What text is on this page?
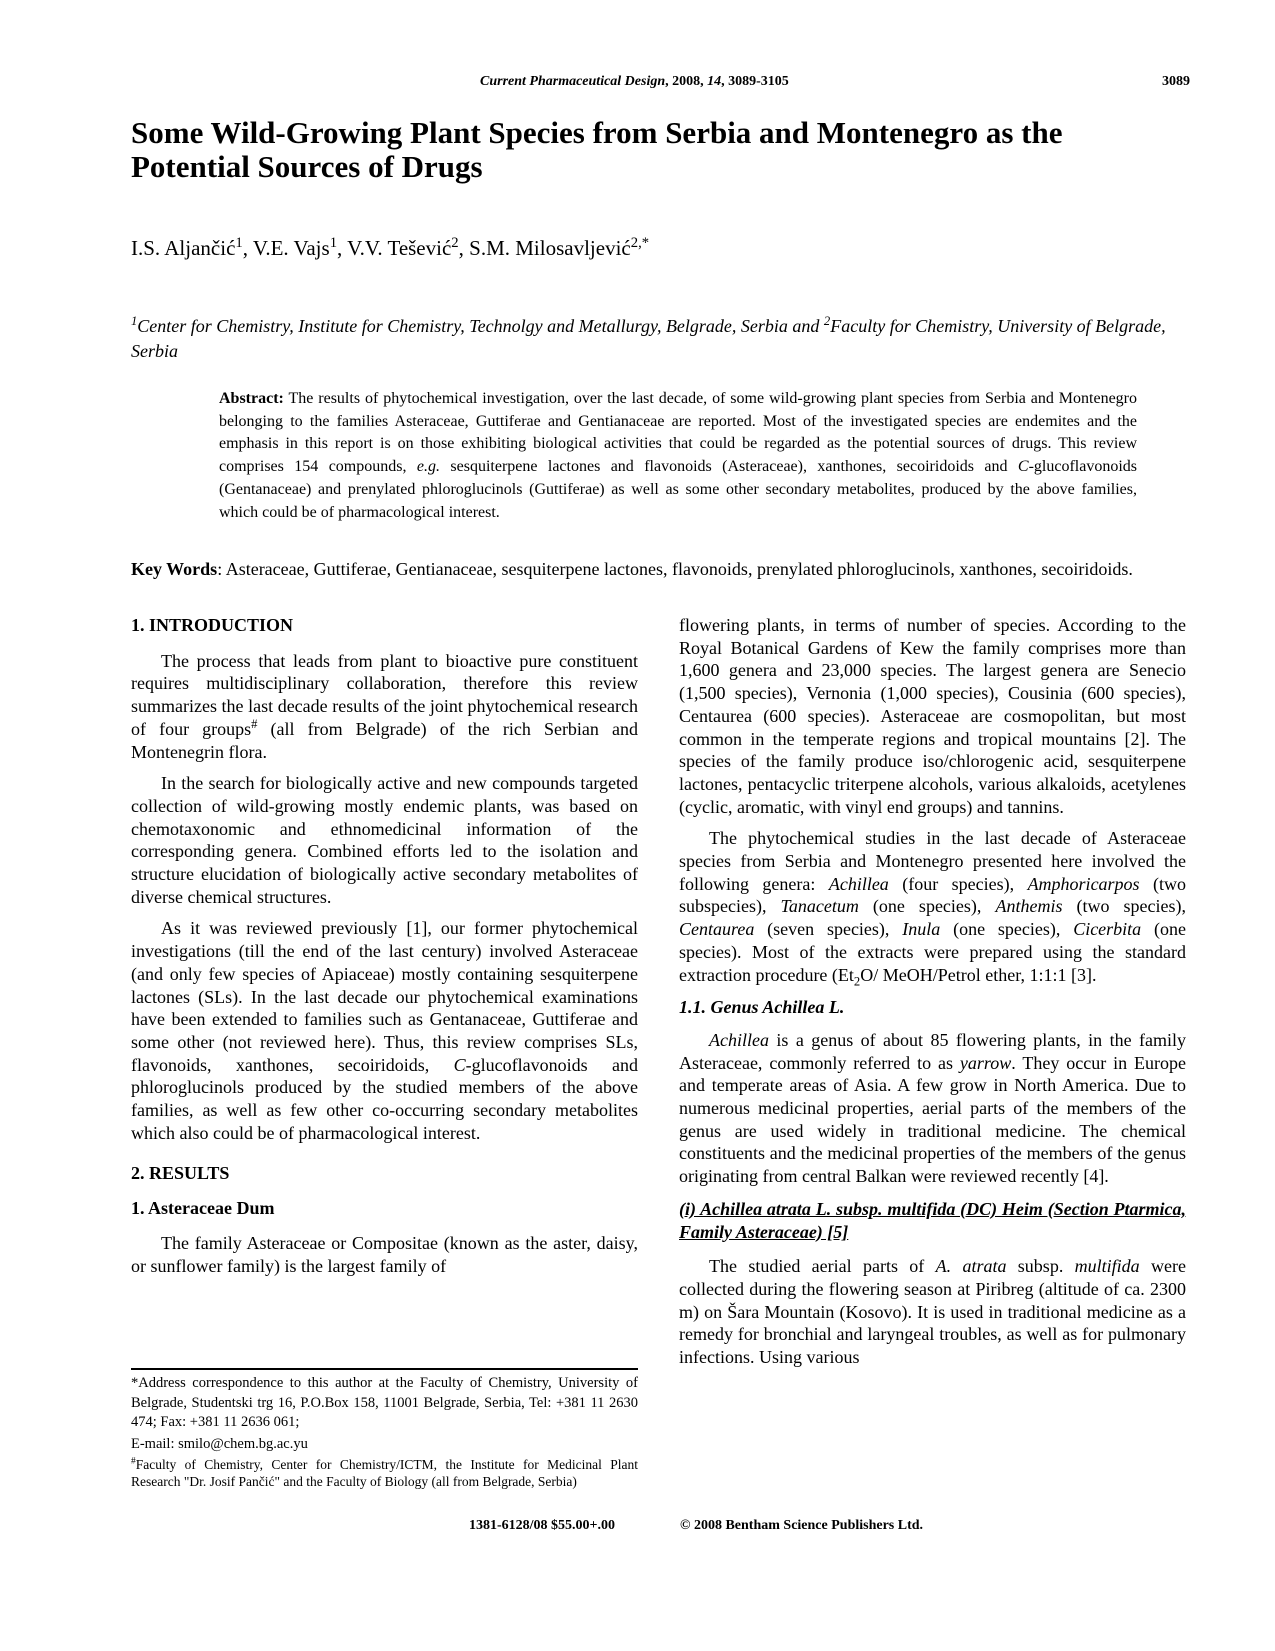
Current Pharmaceutical Design, 2008, 14, 3089-3105	3089
Some Wild-Growing Plant Species from Serbia and Montenegro as the
Potential Sources of Drugs
I.S. Aljančić$^1$, V.E. Vajs$^1$, V.V. Tešević$^2$, S.M. Milosavljević$^{2,*}$
$^1$Center for Chemistry, Institute for Chemistry, Technolgy and Metallurgy, Belgrade, Serbia and $^2$Faculty for Chemistry, University of Belgrade, Serbia
Abstract: The results of phytochemical investigation, over the last decade, of some wild-growing plant species from Serbia and Montenegro belonging to the families Asteraceae, Guttiferae and Gentianaceae are reported. Most of the investigated species are endemites and the emphasis in this report is on those exhibiting biological activities that could be regarded as the potential sources of drugs. This review comprises 154 compounds, e.g. sesquiterpene lactones and flavonoids (Asteraceae), xanthones, secoiridoids and C-glucoflavonoids (Gentanaceae) and prenylated phloroglucinols (Guttiferae) as well as some other secondary metabolites, produced by the above families, which could be of pharmacological interest.
Key Words: Asteraceae, Guttiferae, Gentianaceae, sesquiterpene lactones, flavonoids, prenylated phloroglucinols, xanthones, secoiridoids.

1. INTRODUCTION

The process that leads from plant to bioactive pure constituent requires multidisciplinary collaboration, therefore this review summarizes the last decade results of the joint phytochemical research of four groups# (all from Belgrade) of the rich Serbian and Montenegrin flora.

In the search for biologically active and new compounds targeted collection of wild-growing mostly endemic plants, was based on chemotaxonomic and ethnomedicinal information of the corresponding genera. Combined efforts led to the isolation and structure elucidation of biologically active secondary metabolites of diverse chemical structures.

As it was reviewed previously [1], our former phytochemical investigations (till the end of the last century) involved Asteraceae (and only few species of Apiaceae) mostly containing sesquiterpene lactones (SLs). In the last decade our phytochemical examinations have been extended to families such as Gentanaceae, Guttiferae and some other (not reviewed here). Thus, this review comprises SLs, flavonoids, xanthones, secoiridoids, C-glucoflavonoids and phloroglucinols produced by the studied members of the above families, as well as few other co-occurring secondary metabolites which also could be of pharmacological interest.

2. RESULTS

1. Asteraceae Dum

The family Asteraceae or Compositae (known as the aster, daisy, or sunflower family) is the largest family of

*Address correspondence to this author at the Faculty of Chemistry, University of Belgrade, Studentski trg 16, P.O.Box 158, 11001 Belgrade, Serbia, Tel: +381 11 2630 474; Fax: +381 11 2636 061;

E-mail: smilo@chem.bg.ac.yu

#Faculty of Chemistry, Center for Chemistry/ICTM, the Institute for Medicinal Plant Research "Dr. Josif Pančić" and the Faculty of Biology (all from Belgrade, Serbia)

flowering plants, in terms of number of species. According to the Royal Botanical Gardens of Kew the family comprises more than 1,600 genera and 23,000 species. The largest genera are Senecio (1,500 species), Vernonia (1,000 species), Cousinia (600 species), Centaurea (600 species). Asteraceae are cosmopolitan, but most common in the temperate regions and tropical mountains [2]. The species of the family produce iso/chlorogenic acid, sesquiterpene lactones, pentacyclic triterpene alcohols, various alkaloids, acetylenes (cyclic, aromatic, with vinyl end groups) and tannins.

The phytochemical studies in the last decade of Asteraceae species from Serbia and Montenegro presented here involved the following genera: Achillea (four species), Amphoricarpos (two subspecies), Tanacetum (one species), Anthemis (two species), Centaurea (seven species), Inula (one species), Cicerbita (one species). Most of the extracts were prepared using the standard extraction procedure ($Et_2O/$ MeOH/Petrol ether, 1:1:1 [3].

1.1. Genus Achillea L.

Achillea is a genus of about 85 flowering plants, in the family Asteraceae, commonly referred to as yarrow. They occur in Europe and temperate areas of Asia. A few grow in North America. Due to numerous medicinal properties, aerial parts of the members of the genus are used widely in traditional medicine. The chemical constituents and the medicinal properties of the members of the genus originating from central Balkan were reviewed recently [4].

(i) Achillea atrata L. subsp. multifida (DC) Heim (Section Ptarmica, Family Asteraceae) [5]

The studied aerial parts of A. atrata subsp. multifida were collected during the flowering season at Piribreg (altitude of ca. 2300 m) on Šara Mountain (Kosovo). It is used in traditional medicine as a remedy for bronchial and laryngeal troubles, as well as for pulmonary infections. Using various

1381-6128/08 $55.00+.00	© 2008 Bentham Science Publishers Ltd.
